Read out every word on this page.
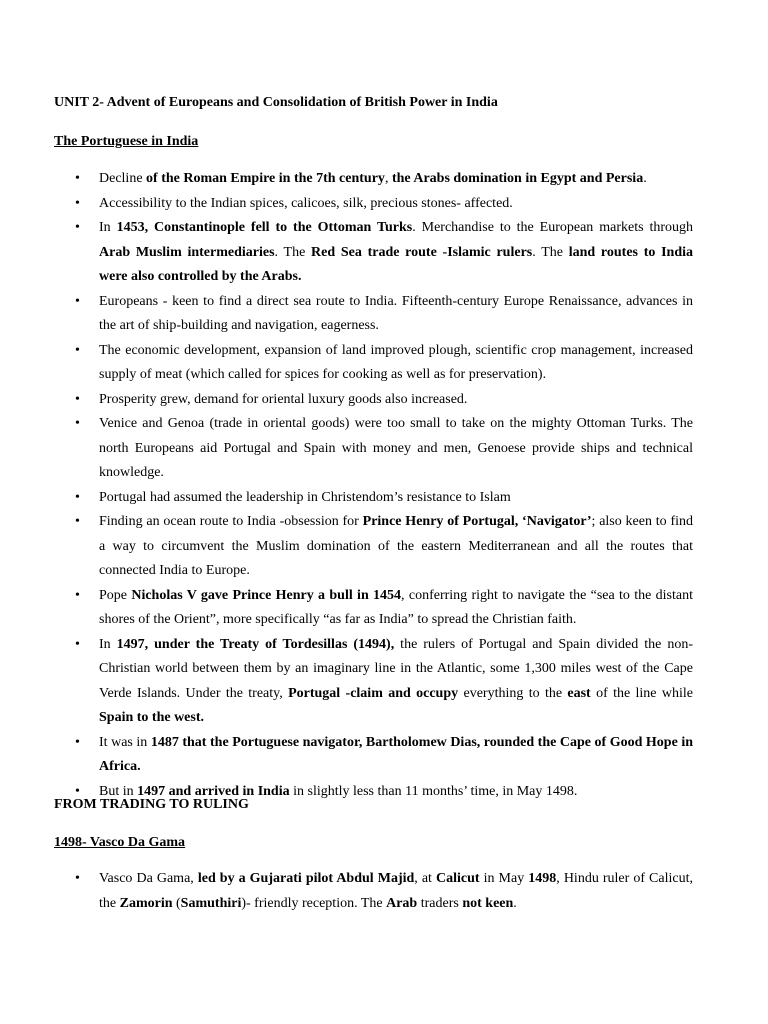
UNIT 2- Advent of Europeans and Consolidation of British Power in India
The Portuguese in India
• Decline of the Roman Empire in the 7th century, the Arabs domination in Egypt and Persia.
• Accessibility to the Indian spices, calicoes, silk, precious stones- affected.
• In 1453, Constantinople fell to the Ottoman Turks. Merchandise to the European markets through Arab Muslim intermediaries. The Red Sea trade route -Islamic rulers. The land routes to India were also controlled by the Arabs.
• Europeans - keen to find a direct sea route to India. Fifteenth-century Europe Renaissance, advances in the art of ship-building and navigation, eagerness.
• The economic development, expansion of land improved plough, scientific crop management, increased supply of meat (which called for spices for cooking as well as for preservation).
• Prosperity grew, demand for oriental luxury goods also increased.
• Venice and Genoa (trade in oriental goods) were too small to take on the mighty Ottoman Turks. The north Europeans aid Portugal and Spain with money and men, Genoese provide ships and technical knowledge.
• Portugal had assumed the leadership in Christendom’s resistance to Islam
• Finding an ocean route to India -obsession for Prince Henry of Portugal, ‘Navigator’; also keen to find a way to circumvent the Muslim domination of the eastern Mediterranean and all the routes that connected India to Europe.
• Pope Nicholas V gave Prince Henry a bull in 1454, conferring right to navigate the “sea to the distant shores of the Orient”, more specifically “as far as India” to spread the Christian faith.
• In 1497, under the Treaty of Tordesillas (1494), the rulers of Portugal and Spain divided the non-Christian world between them by an imaginary line in the Atlantic, some 1,300 miles west of the Cape Verde Islands. Under the treaty, Portugal -claim and occupy everything to the east of the line while Spain to the west.
• It was in 1487 that the Portuguese navigator, Bartholomew Dias, rounded the Cape of Good Hope in Africa.
• But in 1497 and arrived in India in slightly less than 11 months’ time, in May 1498.
FROM TRADING TO RULING
1498- Vasco Da Gama
• Vasco Da Gama, led by a Gujarati pilot Abdul Majid, at Calicut in May 1498, Hindu ruler of Calicut, the Zamorin (Samuthiri)- friendly reception. The Arab traders not keen.
